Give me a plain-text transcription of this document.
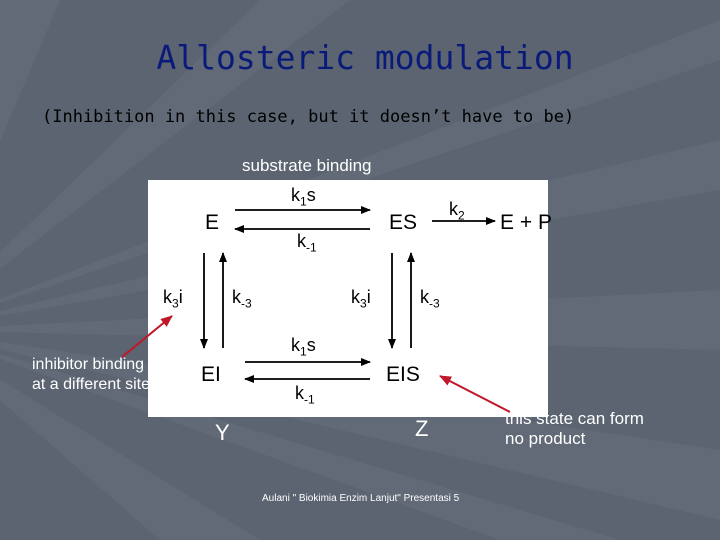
Allosteric modulation
(Inhibition in this case, but it doesn’t have to be)
substrate binding
E	ES	E + P
EI	EIS
$k_1s$
$k_{-1}$
$k_2$
$k_3i$	$k_{-3}$	$k_3i$	$k_{-3}$
$k_1s$
$k_{-1}$
inhibitor binding at a different site
this state can form no product
Y	Z
Aulani " Biokimia Enzim Lanjut" Presentasi 5
